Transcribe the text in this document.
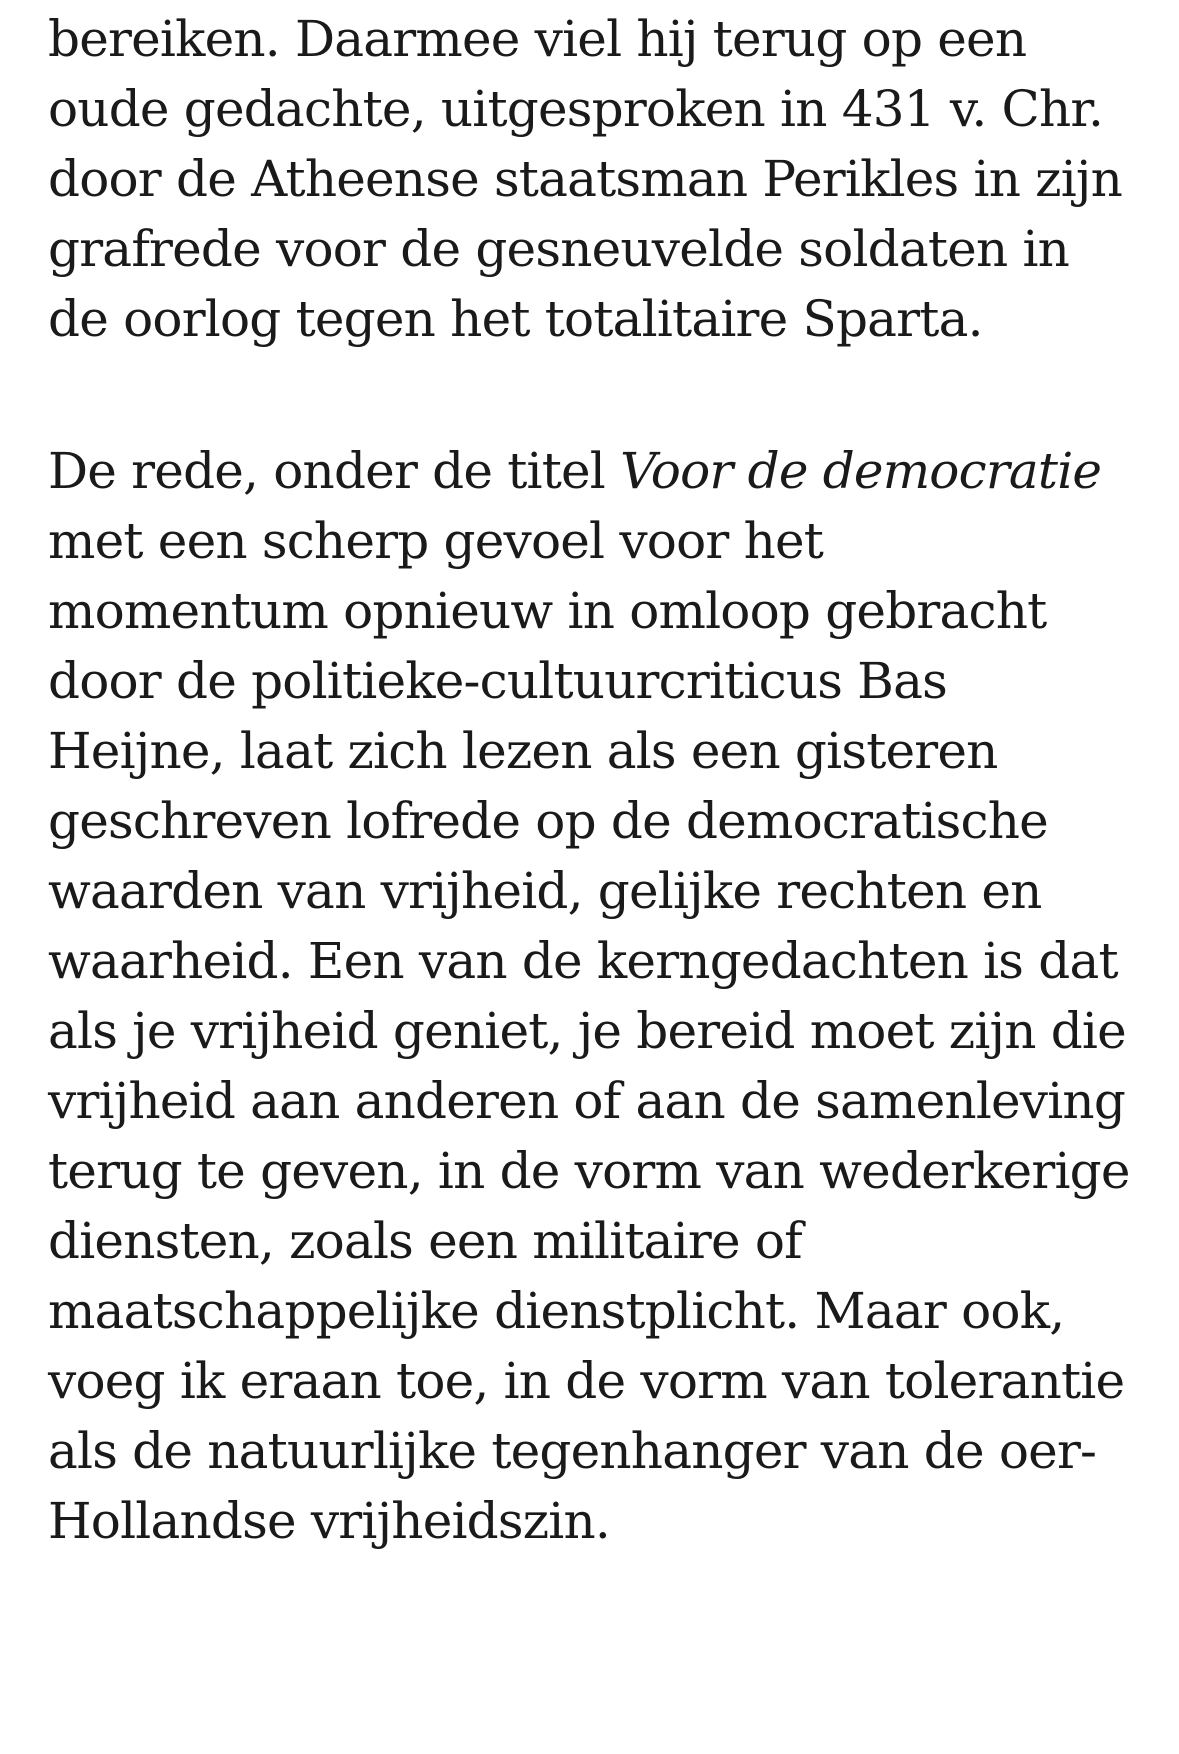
bereiken. Daarmee viel hij terug op een
oude gedachte, uitgesproken in 431 v. Chr.
door de Atheense staatsman Perikles in zijn
grafrede voor de gesneuvelde soldaten in
de oorlog tegen het totalitaire Sparta.
De rede, onder de titel Voor de democratie
met een scherp gevoel voor het
momentum opnieuw in omloop gebracht
door de politieke-cultuurcriticus Bas
Heijne, laat zich lezen als een gisteren
geschreven lofrede op de democratische
waarden van vrijheid, gelijke rechten en
waarheid. Een van de kerngedachten is dat
als je vrijheid geniet, je bereid moet zijn die
vrijheid aan anderen of aan de samenleving
terug te geven, in de vorm van wederkerige
diensten, zoals een militaire of
maatschappelijke dienstplicht. Maar ook,
voeg ik eraan toe, in de vorm van tolerantie
als de natuurlijke tegenhanger van de oer-
Hollandse vrijheidszin.
